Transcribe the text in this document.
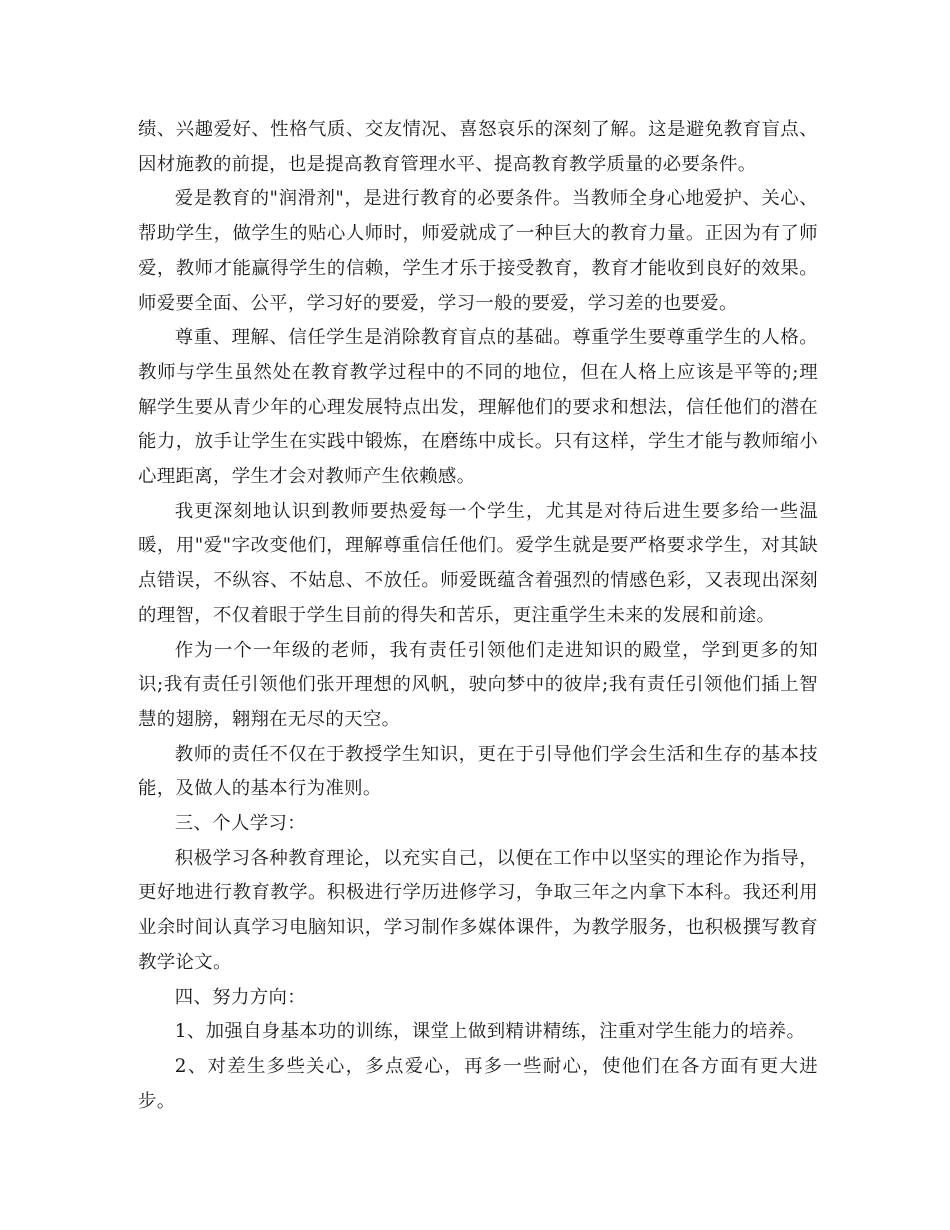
绩、兴趣爱好、性格气质、交友情况、喜怒哀乐的深刻了解。这是避免教育盲点、因材施教的前提，也是提高教育管理水平、提高教育教学质量的必要条件。

爱是教育的"润滑剂"，是进行教育的必要条件。当教师全身心地爱护、关心、帮助学生，做学生的贴心人师时，师爱就成了一种巨大的教育力量。正因为有了师爱，教师才能赢得学生的信赖，学生才乐于接受教育，教育才能收到良好的效果。师爱要全面、公平，学习好的要爱，学习一般的要爱，学习差的也要爱。

尊重、理解、信任学生是消除教育盲点的基础。尊重学生要尊重学生的人格。教师与学生虽然处在教育教学过程中的不同的地位，但在人格上应该是平等的;理解学生要从青少年的心理发展特点出发，理解他们的要求和想法，信任他们的潜在能力，放手让学生在实践中锻炼，在磨练中成长。只有这样，学生才能与教师缩小心理距离，学生才会对教师产生依赖感。

我更深刻地认识到教师要热爱每一个学生，尤其是对待后进生要多给一些温暖，用"爱"字改变他们，理解尊重信任他们。爱学生就是要严格要求学生，对其缺点错误，不纵容、不姑息、不放任。师爱既蕴含着强烈的情感色彩，又表现出深刻的理智，不仅着眼于学生目前的得失和苦乐，更注重学生未来的发展和前途。

作为一个一年级的老师，我有责任引领他们走进知识的殿堂，学到更多的知识;我有责任引领他们张开理想的风帆，驶向梦中的彼岸;我有责任引领他们插上智慧的翅膀，翱翔在无尽的天空。

教师的责任不仅在于教授学生知识，更在于引导他们学会生活和生存的基本技能，及做人的基本行为准则。

三、个人学习：

积极学习各种教育理论，以充实自己，以便在工作中以坚实的理论作为指导，更好地进行教育教学。积极进行学历进修学习，争取三年之内拿下本科。我还利用业余时间认真学习电脑知识，学习制作多媒体课件，为教学服务，也积极撰写教育教学论文。

四、努力方向：

1、加强自身基本功的训练，课堂上做到精讲精练，注重对学生能力的培养。

2、对差生多些关心，多点爱心，再多一些耐心，使他们在各方面有更大进步。
